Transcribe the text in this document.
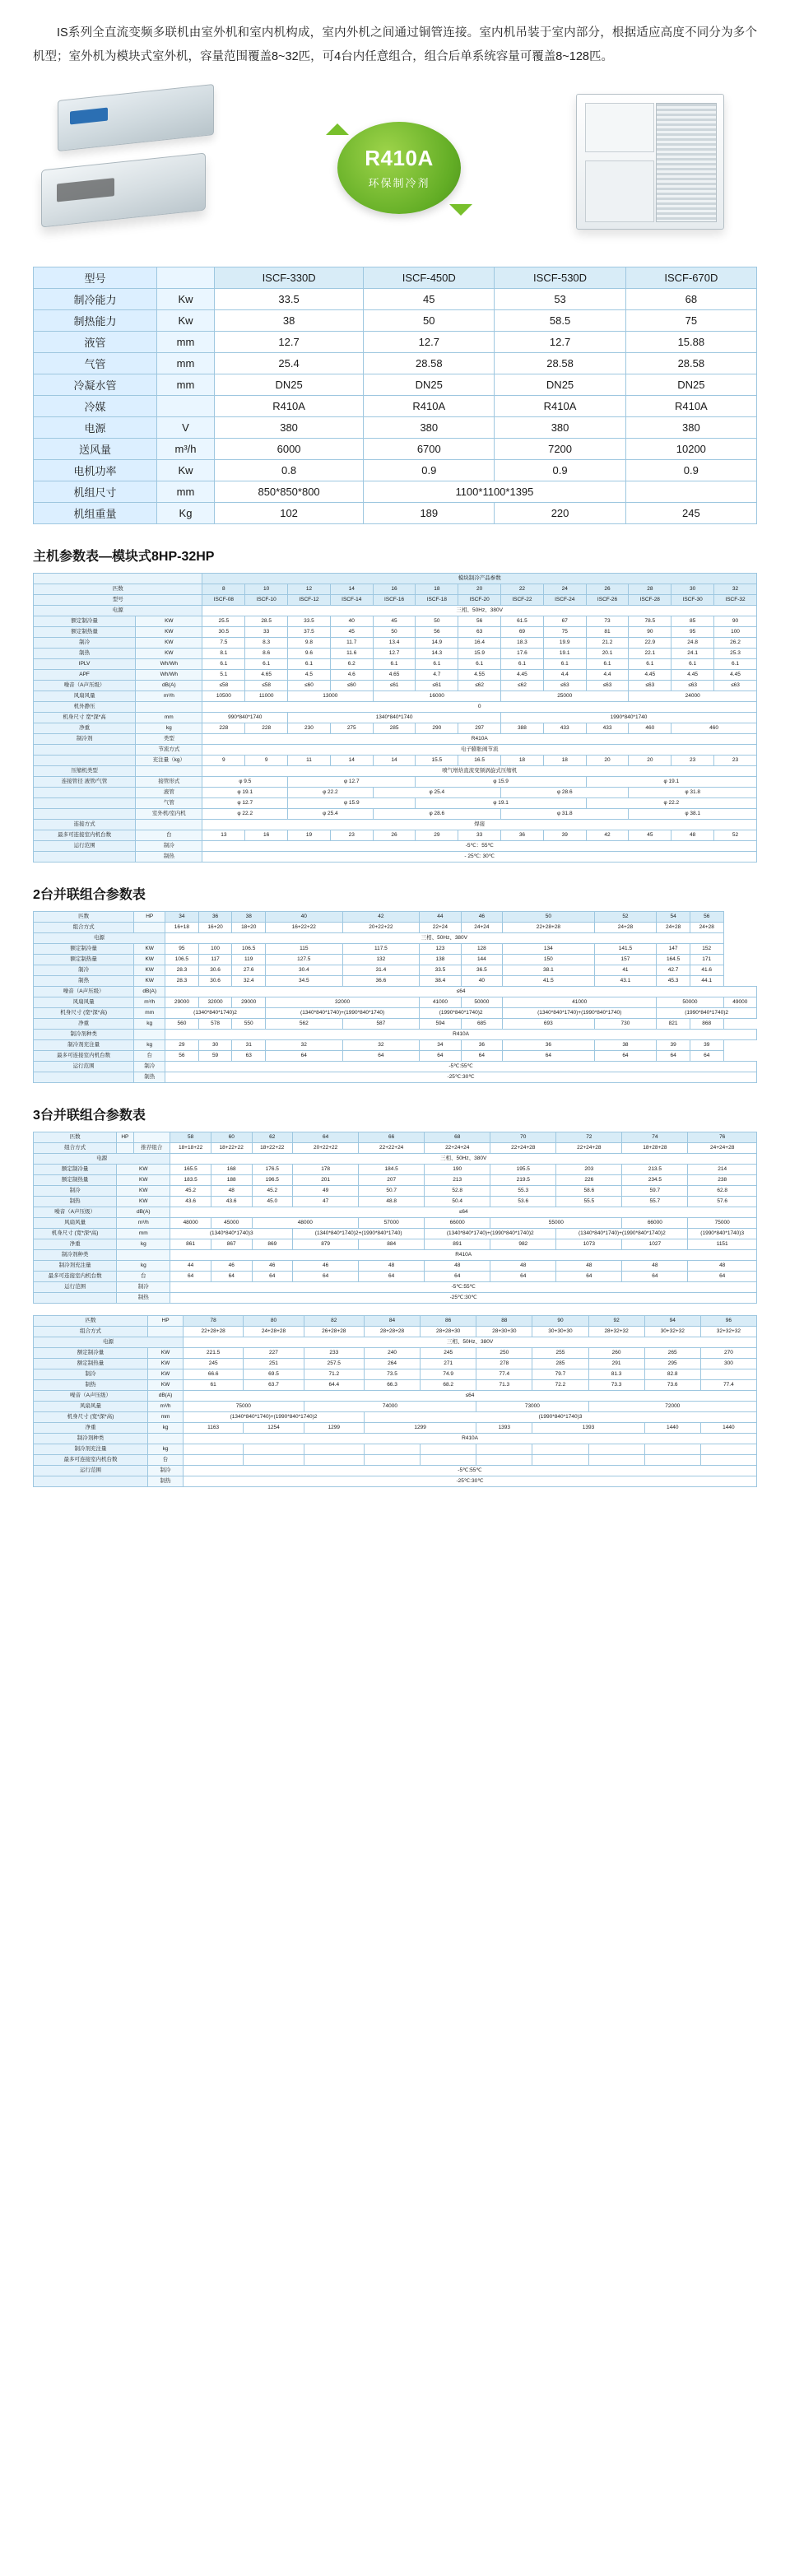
IS系列全直流变频多联机由室外机和室内机构成，室内外机之间通过铜管连接。室内机吊装于室内部分，根据适应高度不同分为多个机型；室外机为模块式室外机，容量范围覆盖8~32匹，可4台内任意组合，组合后单系统容量可覆盖8~128匹。
R410A
环保制冷剂
型号		ISCF-330D	ISCF-450D	ISCF-530D	ISCF-670D
制冷能力	Kw	33.5	45	53	68
制热能力	Kw	38	50	58.5	75
液管	mm	12.7	12.7	12.7	15.88
气管	mm	25.4	28.58	28.58	28.58
冷凝水管	mm	DN25	DN25	DN25	DN25
冷媒		R410A	R410A	R410A	R410A
电源	V	380	380	380	380
送风量	m³/h	6000	6700	7200	10200
电机功率	Kw	0.8	0.9	0.9	0.9
机组尺寸	mm	850*850*800	1100*1100*1395		
机组重量	Kg	102	189	220	245
主机参数表—模块式8HP-32HP
		模块制冷产品参数												
匹数		8	10	12	14	16	18	20	22	24	26	28	30	32
型号		ISCF-08	ISCF-10	ISCF-12	ISCF-14	ISCF-16	ISCF-18	ISCF-20	ISCF-22	ISCF-24	ISCF-26	ISCF-28	ISCF-30	ISCF-32
电源		三相、50Hz、380V												
额定制冷量	KW	25.5	28.5	33.5	40	45	50	56	61.5	67	73	78.5	85	90
额定制热量	KW	30.5	33	37.5	45	50	56	63	69	75	81	90	95	100
制冷	KW	7.5	8.3	9.8	11.7	13.4	14.9	16.4	18.3	19.9	21.2	22.9	24.8	26.2
制热	KW	8.1	8.6	9.6	11.6	12.7	14.3	15.9	17.6	19.1	20.1	22.1	24.1	25.3
IPLV	Wh/Wh	6.1	6.1	6.1	6.2	6.1	6.1	6.1	6.1	6.1	6.1	6.1	6.1	6.1
APF	Wh/Wh	5.1	4.65	4.5	4.6	4.65	4.7	4.55	4.45	4.4	4.4	4.45	4.45	4.45
噪音（A声压级）	dB(A)	≤58	≤58	≤60	≤60	≤61	≤61	≤62	≤62	≤63	≤63	≤63	≤63	≤63
风扇风量	m³/h	10500	11000	13000		16000			25000			24000		
机外静压		0												
机身尺寸 宽*深*高	mm	990*840*1740		1340*840*1740					1990*840*1740					
净重	kg	228	228	230	275	285	290	297	388	433	433	460	460	
制冷剂	类型	R410A												
	节流方式	电子膨胀阀节流												
	充注量（kg）	9	9	11	14	14	15.5	16.5	18	18	20	20	23	23
压缩机类型		喷气增焓直流变频涡旋式压缩机												
连接管径 液管/气管	接管形式	φ 9.5		φ 12.7			φ 15.9				φ 19.1			
	液管	φ 19.1		φ 22.2		φ 25.4			φ 28.6			φ 31.8		
	气管	φ 12.7		φ 15.9			φ 19.1				φ 22.2			
	室外机/室内机	φ 22.2		φ 25.4		φ 28.6			φ 31.8			φ 38.1		
连接方式		焊接												
最多可连接室内机台数	台	13	16	19	23	26	29	33	36	39	42	45	48	52
运行范围	制冷	-5℃：55℃												
	制热	- 25℃: 30℃												
2台并联组合参数表
匹数	HP	34	36	38	40	42	44	46	50	52	54	56	
组合方式		16+18	16+20	18+20	16+22+22	20+22+22	22+24	24+24	22+28+28	24+28	24+28	24+28	
电源		三相、50Hz、380V											
额定制冷量	KW	95	100	106.5	115	117.5	123	128	134	141.5	147	152	
额定制热量	KW	106.5	117	119	127.5	132	138	144	150	157	164.5	171	
制冷	KW	28.3	30.6	27.6	30.4	31.4	33.5	36.5	38.1	41	42.7	41.6	
制热	KW	28.3	30.6	32.4	34.5	36.6	38.4	40	41.5	43.1	45.3	44.1	
噪音（A声压级）	dB(A)	≤64											
风扇风量	m³/h	29000	32000	29000	32000		41000	50000	41000		50000		49000
机身尺寸 (宽*深*高)	mm	(1340*840*1740)2			(1340*840*1740)+(1990*840*1740)		(1990*840*1740)2		(1340*840*1740)+(1990*840*1740)		(1990*840*1740)2		
净重	kg	560	578	550	562	587	594	685	693	730	821	868	
制冷剂种类		R410A											
制冷剂充注量	kg	29	30	31	32	32	34	36	36	38	39	39	
最多可连接室内机台数	台	56	59	63	64	64	64	64	64	64	64	64	
运行范围	制冷	-5℃:55℃											
	制热	-25℃:30℃											
3台并联组合参数表
匹数	HP		58	60	62	64	66	68	70	72	74	76
组合方式		推荐组合	18+18+22	18+22+22	18+22+22	20+22+22	22+22+24	22+24+24	22+24+28	22+24+28	18+28+28	24+24+28
电源			三相、50Hz、380V									
额定制冷量	KW		165.5	168	176.5	178	184.5	190	195.5	203	213.5	214
额定制热量	KW		183.5	188	196.5	201	207	213	219.5	226	234.5	238
制冷	KW		45.2	48	45.2	49	50.7	52.8	55.3	58.6	59.7	62.8
制热	KW		43.6	43.6	45.0	47	48.8	50.4	53.6	55.5	55.7	57.6
噪音（A声压级）	dB(A)		≤64									
风扇风量	m³/h		48000	45000	48000		57000	66000	55000		66000	75000
机身尺寸 (宽*深*高)	mm		(1340*840*1740)3			(1340*840*1740)2+(1990*840*1740)		(1340*840*1740)+(1990*840*1740)2		(1340*840*1740)+(1990*840*1740)2		(1990*840*1740)3
净重	kg		861	867	869	879	884	891	982	1073	1027	1151
制冷剂种类			R410A									
制冷剂充注量	kg		44	46	46	46	48	48	48	48	48	48
最多可连接室内机台数	台		64	64	64	64	64	64	64	64	64	64
运行范围	制冷		-5℃:55℃									
	制热		-25℃:30℃									
匹数	HP	78	80	82	84	86	88	90	92	94	96
组合方式		22+28+28	24+28+28	26+28+28	28+28+28	28+28+30	28+30+30	30+30+30	28+32+32	30+32+32	32+32+32
电源		三相、50Hz、380V									
额定制冷量	KW	221.5	227	233	240	245	250	255	260	265	270
额定制热量	KW	245	251	257.5	264	271	278	285	291	295	300
制冷	KW	66.6	69.5	71.2	73.5	74.9	77.4	79.7	81.3	82.8	
制热	KW	61	63.7	64.4	66.3	68.2	71.3	72.2	73.3	73.6	77.4
噪音（A声压级）	dB(A)	≤64									
风扇风量	m³/h	75000		74000			73000		72000		
机身尺寸 (宽*深*高)	mm	(1340*840*1740)+(1990*840*1740)2			(1990*840*1740)3						
净重	kg	1163	1254	1299	1299		1393	1393		1440	1440
制冷剂种类		R410A									
制冷剂充注量	kg										
最多可连接室内机台数	台										
运行范围	制冷	-5℃:55℃									
	制热	-25℃:30℃									
